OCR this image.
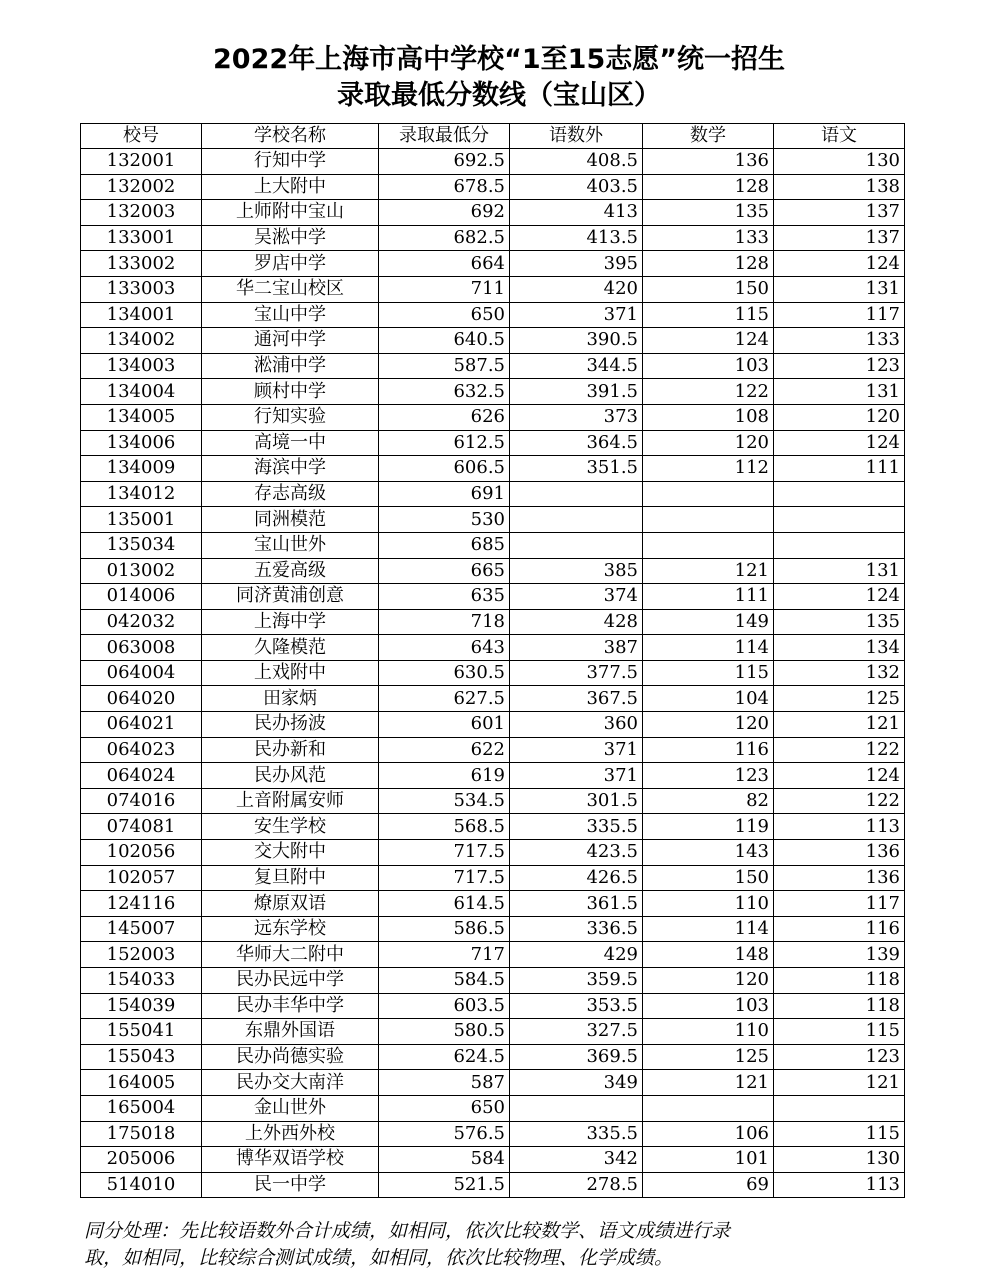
2022年上海市高中学校“1至15志愿”统一招生
录取最低分数线（宝山区）
校号	学校名称	录取最低分	语数外	数学	语文
132001	行知中学	692.5	408.5	136	130
132002	上大附中	678.5	403.5	128	138
132003	上师附中宝山	692	413	135	137
133001	吴淞中学	682.5	413.5	133	137
133002	罗店中学	664	395	128	124
133003	华二宝山校区	711	420	150	131
134001	宝山中学	650	371	115	117
134002	通河中学	640.5	390.5	124	133
134003	淞浦中学	587.5	344.5	103	123
134004	顾村中学	632.5	391.5	122	131
134005	行知实验	626	373	108	120
134006	高境一中	612.5	364.5	120	124
134009	海滨中学	606.5	351.5	112	111
134012	存志高级	691			
135001	同洲模范	530			
135034	宝山世外	685			
013002	五爱高级	665	385	121	131
014006	同济黄浦创意	635	374	111	124
042032	上海中学	718	428	149	135
063008	久隆模范	643	387	114	134
064004	上戏附中	630.5	377.5	115	132
064020	田家炳	627.5	367.5	104	125
064021	民办扬波	601	360	120	121
064023	民办新和	622	371	116	122
064024	民办风范	619	371	123	124
074016	上音附属安师	534.5	301.5	82	122
074081	安生学校	568.5	335.5	119	113
102056	交大附中	717.5	423.5	143	136
102057	复旦附中	717.5	426.5	150	136
124116	燎原双语	614.5	361.5	110	117
145007	远东学校	586.5	336.5	114	116
152003	华师大二附中	717	429	148	139
154033	民办民远中学	584.5	359.5	120	118
154039	民办丰华中学	603.5	353.5	103	118
155041	东鼎外国语	580.5	327.5	110	115
155043	民办尚德实验	624.5	369.5	125	123
164005	民办交大南洋	587	349	121	121
165004	金山世外	650			
175018	上外西外校	576.5	335.5	106	115
205006	博华双语学校	584	342	101	130
514010	民一中学	521.5	278.5	69	113
同分处理：先比较语数外合计成绩，如相同，依次比较数学、语文成绩进行录
取，如相同，比较综合测试成绩，如相同，依次比较物理、化学成绩。
